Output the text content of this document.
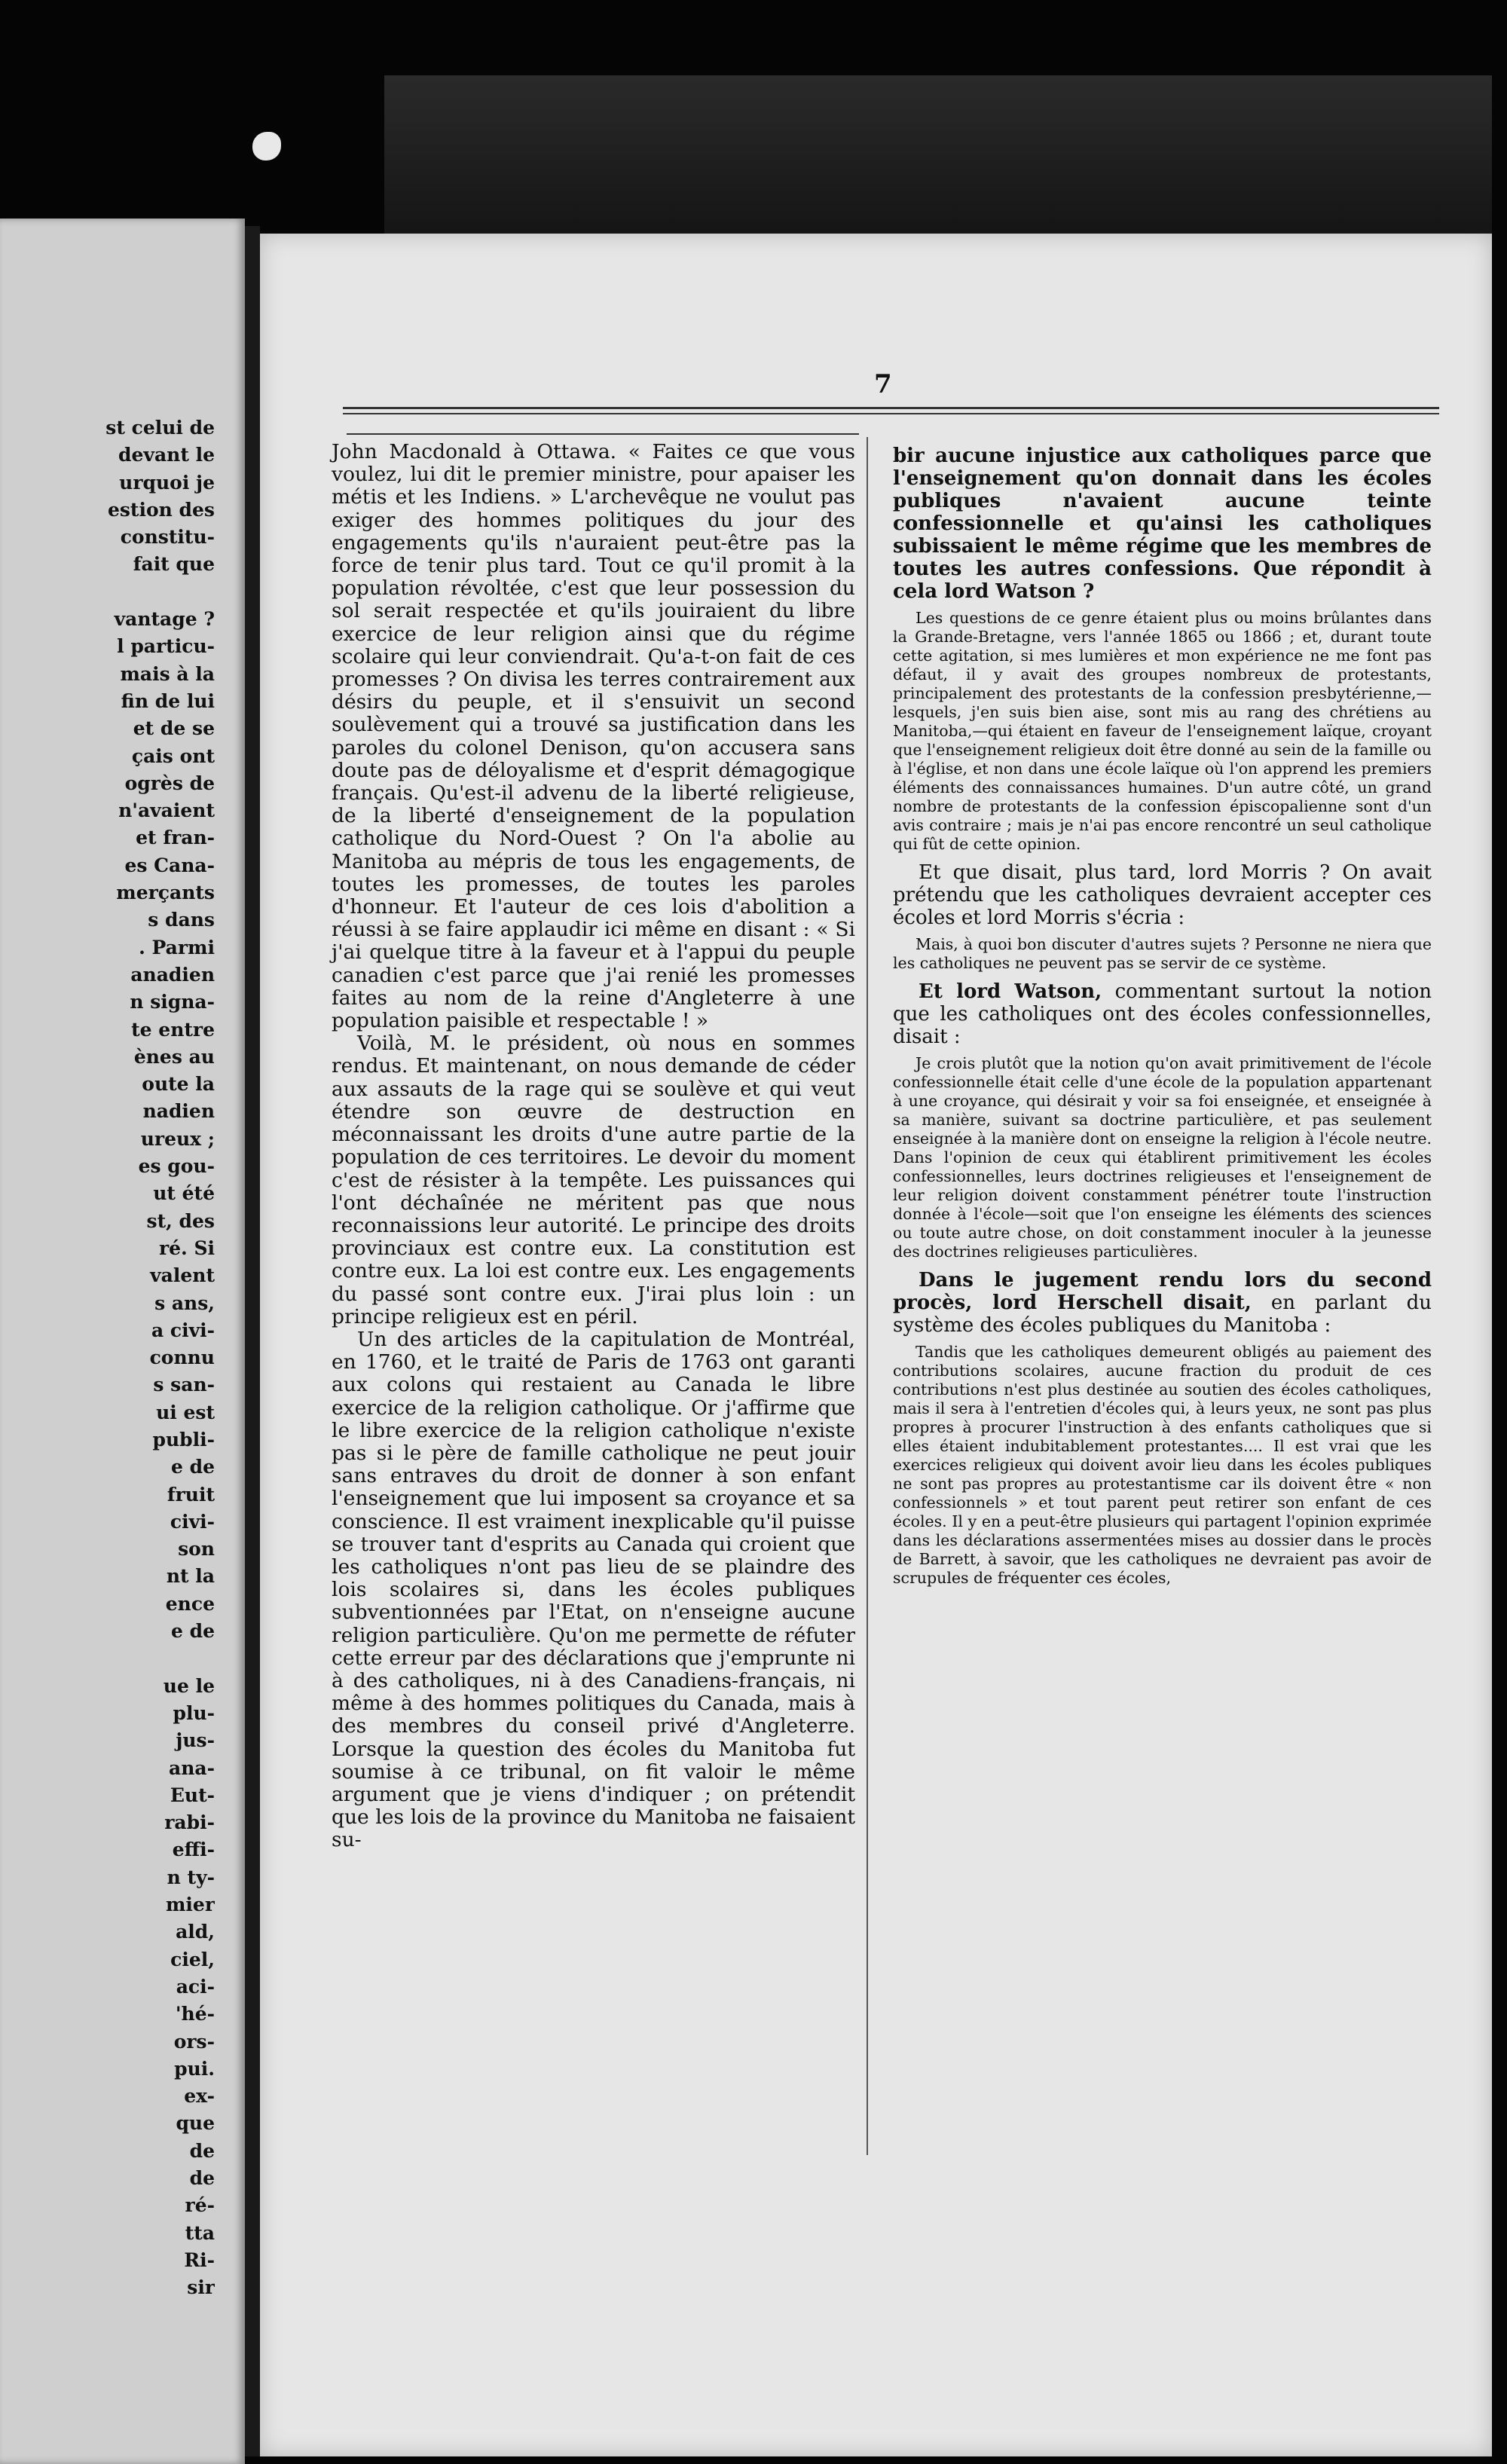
st celui de
devant le
urquoi je
estion des
constitu-
fait que
vantage ?
l particu-
mais à la
fin de lui
et de se
çais ont
ogrès de
n'avaient
et fran-
es Cana-
merçants
s dans
. Parmi
anadien
n signa-
te entre
ènes au
oute la
nadien
ureux ;
es gou-
ut été
st, des
ré. Si
valent
s ans,
a civi-
connu
s san-
ui est
publi-
e de
fruit
civi-
son
nt la
ence
e de
ue le
plu-
jus-
ana-
Eut-
rabi-
effi-
n ty-
mier
ald,
ciel,
aci-
'hé-
ors-
pui.
ex-
que
de
de
ré-
tta
Ri-
sir
7

John Macdonald à Ottawa. « Faites ce que vous voulez, lui dit le premier ministre, pour apaiser les métis et les Indiens. » L'archevêque ne voulut pas exiger des hommes politiques du jour des engagements qu'ils n'auraient peut-être pas la force de tenir plus tard. Tout ce qu'il promit à la population révoltée, c'est que leur possession du sol serait respectée et qu'ils jouiraient du libre exercice de leur religion ainsi que du régime scolaire qui leur conviendrait. Qu'a-t-on fait de ces promesses ? On divisa les terres contrairement aux désirs du peuple, et il s'ensuivit un second soulèvement qui a trouvé sa justification dans les paroles du colonel Denison, qu'on accusera sans doute pas de déloyalisme et d'esprit démagogique français. Qu'est-il advenu de la liberté religieuse, de la liberté d'enseignement de la population catholique du Nord-Ouest ? On l'a abolie au Manitoba au mépris de tous les engagements, de toutes les promesses, de toutes les paroles d'honneur. Et l'auteur de ces lois d'abolition a réussi à se faire applaudir ici même en disant : « Si j'ai quelque titre à la faveur et à l'appui du peuple canadien c'est parce que j'ai renié les promesses faites au nom de la reine d'Angleterre à une population paisible et respectable ! »

Voilà, M. le président, où nous en sommes rendus. Et maintenant, on nous demande de céder aux assauts de la rage qui se soulève et qui veut étendre son œuvre de destruction en méconnaissant les droits d'une autre partie de la population de ces territoires. Le devoir du moment c'est de résister à la tempête. Les puissances qui l'ont déchaînée ne méritent pas que nous reconnaissions leur autorité. Le principe des droits provinciaux est contre eux. La constitution est contre eux. La loi est contre eux. Les engagements du passé sont contre eux. J'irai plus loin : un principe religieux est en péril.

Un des articles de la capitulation de Montréal, en 1760, et le traité de Paris de 1763 ont garanti aux colons qui restaient au Canada le libre exercice de la religion catholique. Or j'affirme que le libre exercice de la religion catholique n'existe pas si le père de famille catholique ne peut jouir sans entraves du droit de donner à son enfant l'enseignement que lui imposent sa croyance et sa conscience. Il est vraiment inexplicable qu'il puisse se trouver tant d'esprits au Canada qui croient que les catholiques n'ont pas lieu de se plaindre des lois scolaires si, dans les écoles publiques subventionnées par l'Etat, on n'enseigne aucune religion particulière. Qu'on me permette de réfuter cette erreur par des déclarations que j'emprunte ni à des catholiques, ni à des Canadiens-français, ni même à des hommes politiques du Canada, mais à des membres du conseil privé d'Angleterre. Lorsque la question des écoles du Manitoba fut soumise à ce tribunal, on fit valoir le même argument que je viens d'indiquer ; on prétendit que les lois de la province du Manitoba ne faisaient su-

bir aucune injustice aux catholiques parce que l'enseignement qu'on donnait dans les écoles publiques n'avaient aucune teinte confessionnelle et qu'ainsi les catholiques subissaient le même régime que les membres de toutes les autres confessions. Que répondit à cela lord Watson ?

Les questions de ce genre étaient plus ou moins brûlantes dans la Grande-Bretagne, vers l'année 1865 ou 1866 ; et, durant toute cette agitation, si mes lumières et mon expérience ne me font pas défaut, il y avait des groupes nombreux de protestants, principalement des protestants de la confession presbytérienne,—lesquels, j'en suis bien aise, sont mis au rang des chrétiens au Manitoba,—qui étaient en faveur de l'enseignement laïque, croyant que l'enseignement religieux doit être donné au sein de la famille ou à l'église, et non dans une école laïque où l'on apprend les premiers éléments des connaissances humaines. D'un autre côté, un grand nombre de protestants de la confession épiscopalienne sont d'un avis contraire ; mais je n'ai pas encore rencontré un seul catholique qui fût de cette opinion.

Et que disait, plus tard, lord Morris ? On avait prétendu que les catholiques devraient accepter ces écoles et lord Morris s'écria :

Mais, à quoi bon discuter d'autres sujets ? Personne ne niera que les catholiques ne peuvent pas se servir de ce système.

Et lord Watson, commentant surtout la notion que les catholiques ont des écoles confessionnelles, disait :

Je crois plutôt que la notion qu'on avait primitivement de l'école confessionnelle était celle d'une école de la population appartenant à une croyance, qui désirait y voir sa foi enseignée, et enseignée à sa manière, suivant sa doctrine particulière, et pas seulement enseignée à la manière dont on enseigne la religion à l'école neutre. Dans l'opinion de ceux qui établirent primitivement les écoles confessionnelles, leurs doctrines religieuses et l'enseignement de leur religion doivent constamment pénétrer toute l'instruction donnée à l'école—soit que l'on enseigne les éléments des sciences ou toute autre chose, on doit constamment inoculer à la jeunesse des doctrines religieuses particulières.

Dans le jugement rendu lors du second procès, lord Herschell disait, en parlant du système des écoles publiques du Manitoba :

Tandis que les catholiques demeurent obligés au paiement des contributions scolaires, aucune fraction du produit de ces contributions n'est plus destinée au soutien des écoles catholiques, mais il sera à l'entretien d'écoles qui, à leurs yeux, ne sont pas plus propres à procurer l'instruction à des enfants catholiques que si elles étaient indubitablement protestantes.... Il est vrai que les exercices religieux qui doivent avoir lieu dans les écoles publiques ne sont pas propres au protestantisme car ils doivent être « non confessionnels » et tout parent peut retirer son enfant de ces écoles. Il y en a peut-être plusieurs qui partagent l'opinion exprimée dans les déclarations assermentées mises au dossier dans le procès de Barrett, à savoir, que les catholiques ne devraient pas avoir de scrupules de fréquenter ces écoles,
